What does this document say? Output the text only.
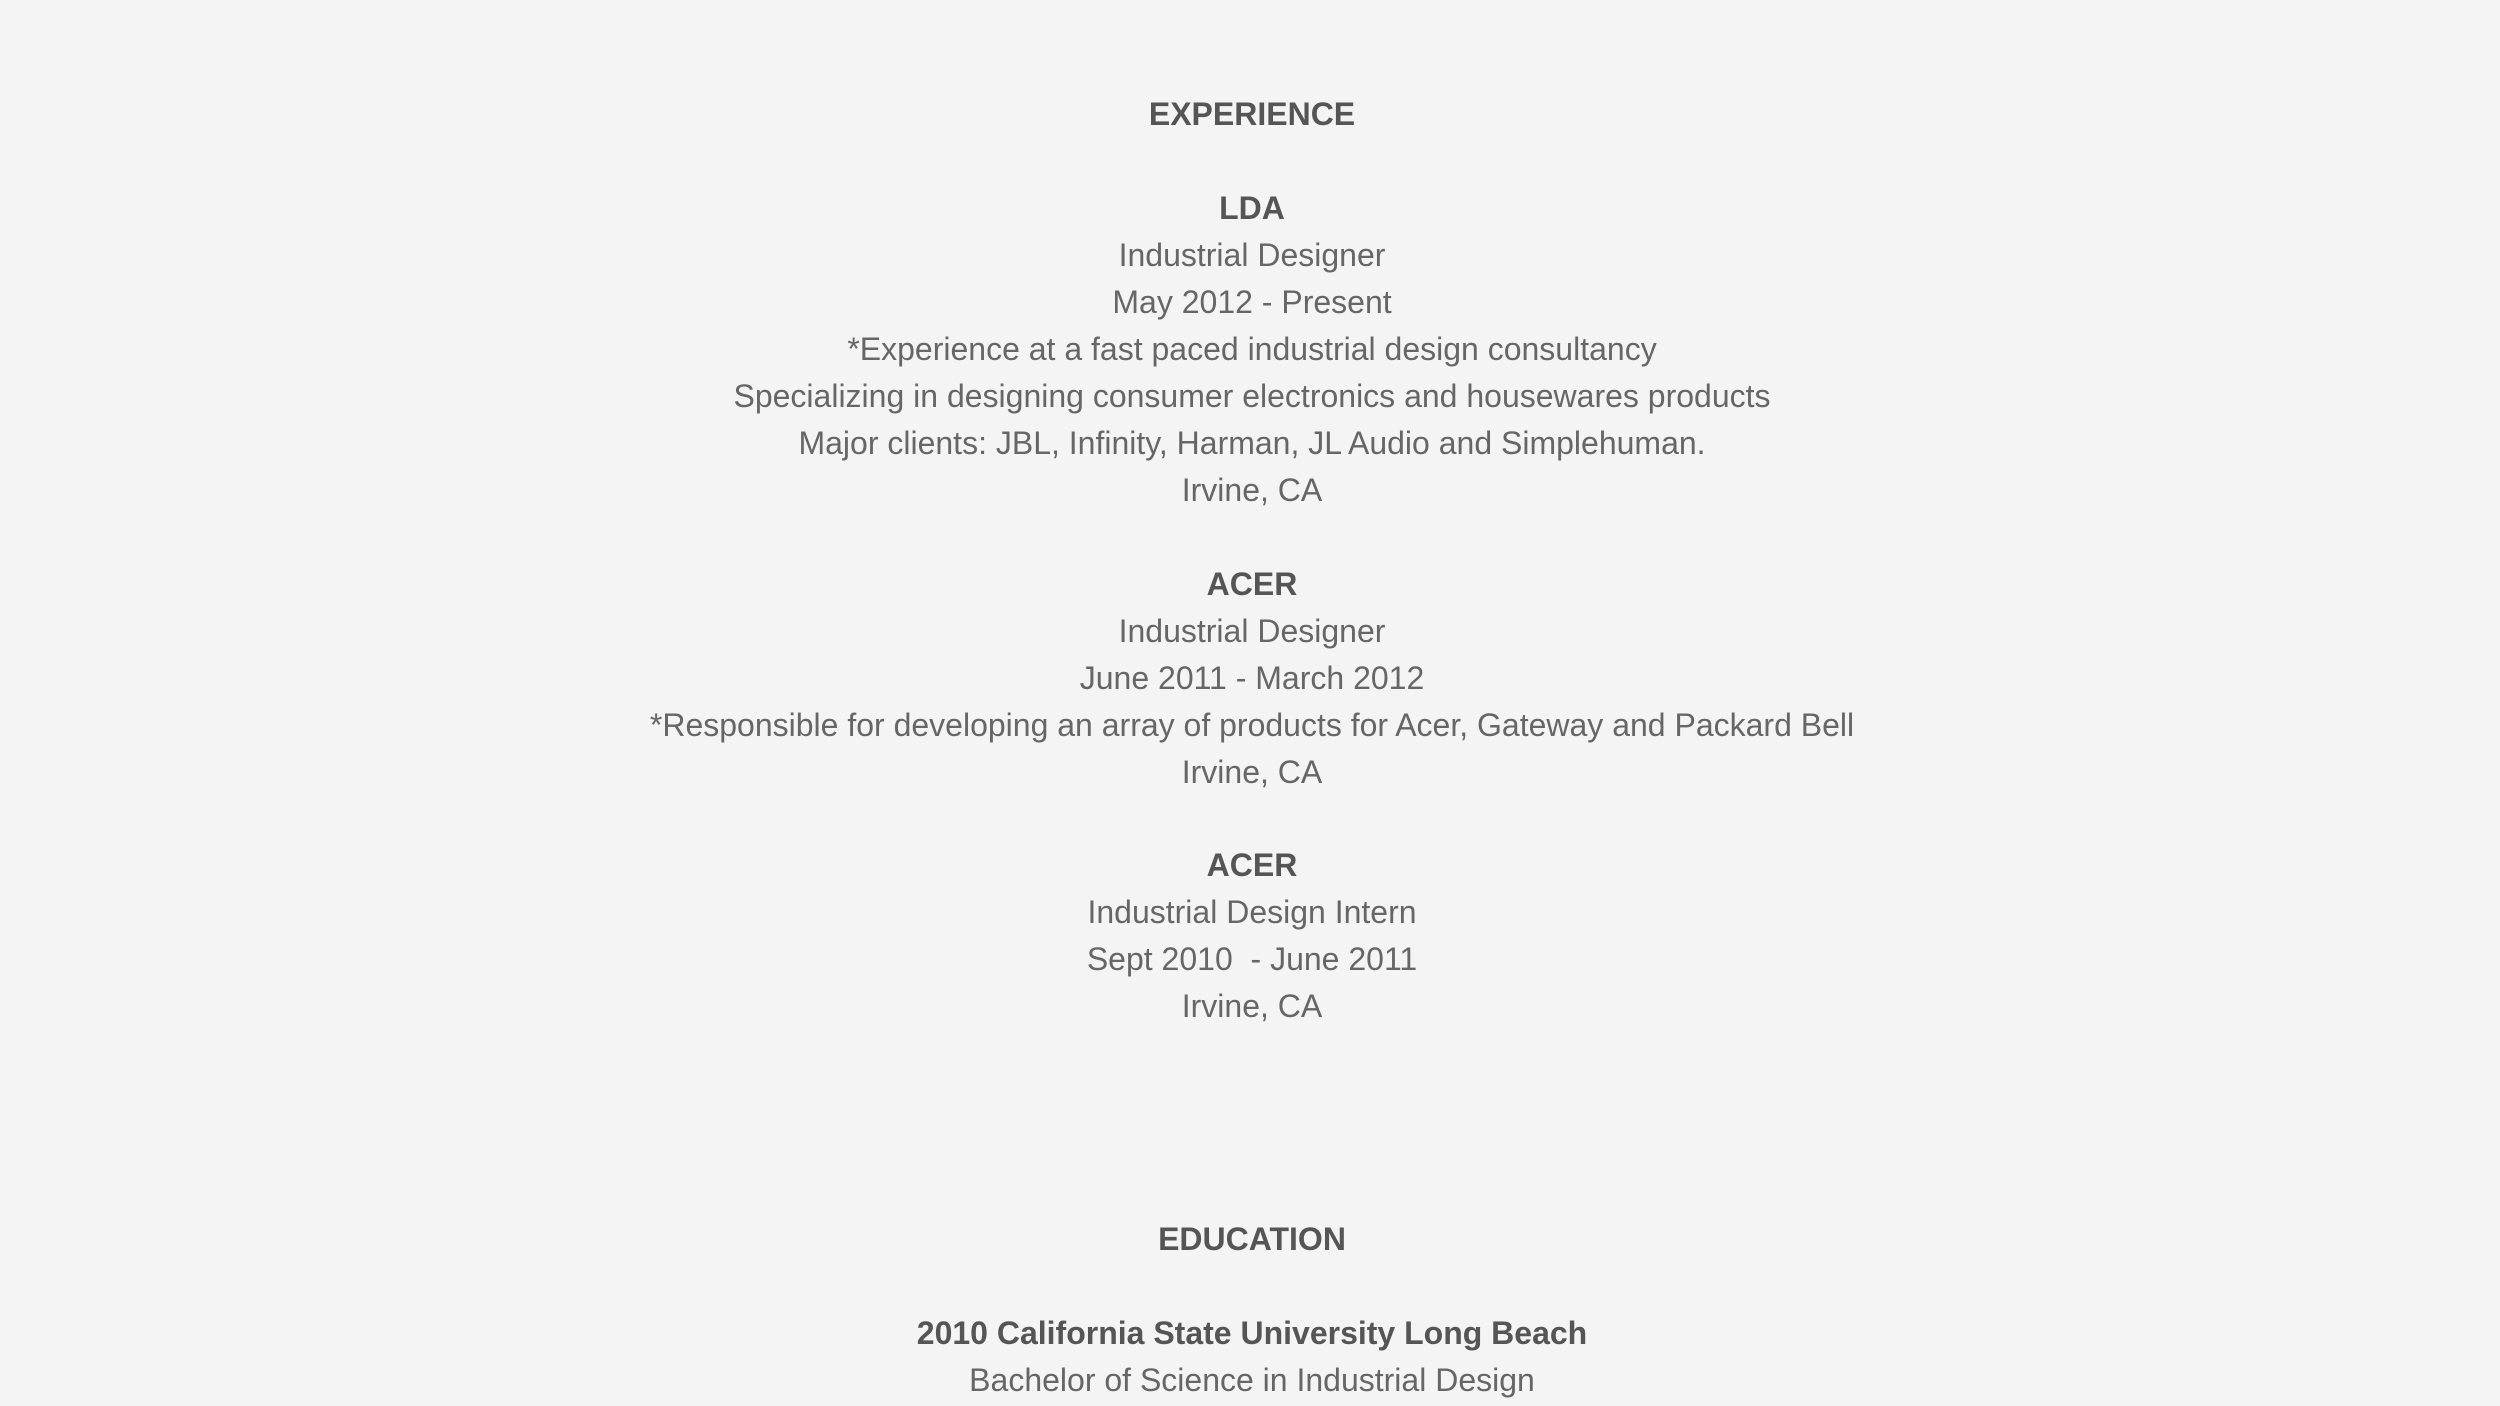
EXPERIENCE
LDA
Industrial Designer
May 2012 - Present
*Experience at a fast paced industrial design consultancy
Specializing in designing consumer electronics and housewares products
Major clients: JBL, Infinity, Harman, JL Audio and Simplehuman.
Irvine, CA
ACER
Industrial Designer
June 2011 - March 2012
*Responsible for developing an array of products for Acer, Gateway and Packard Bell
Irvine, CA
ACER
Industrial Design Intern
Sept 2010  - June 2011
Irvine, CA
EDUCATION
2010 California State University Long Beach
Bachelor of Science in Industrial Design
